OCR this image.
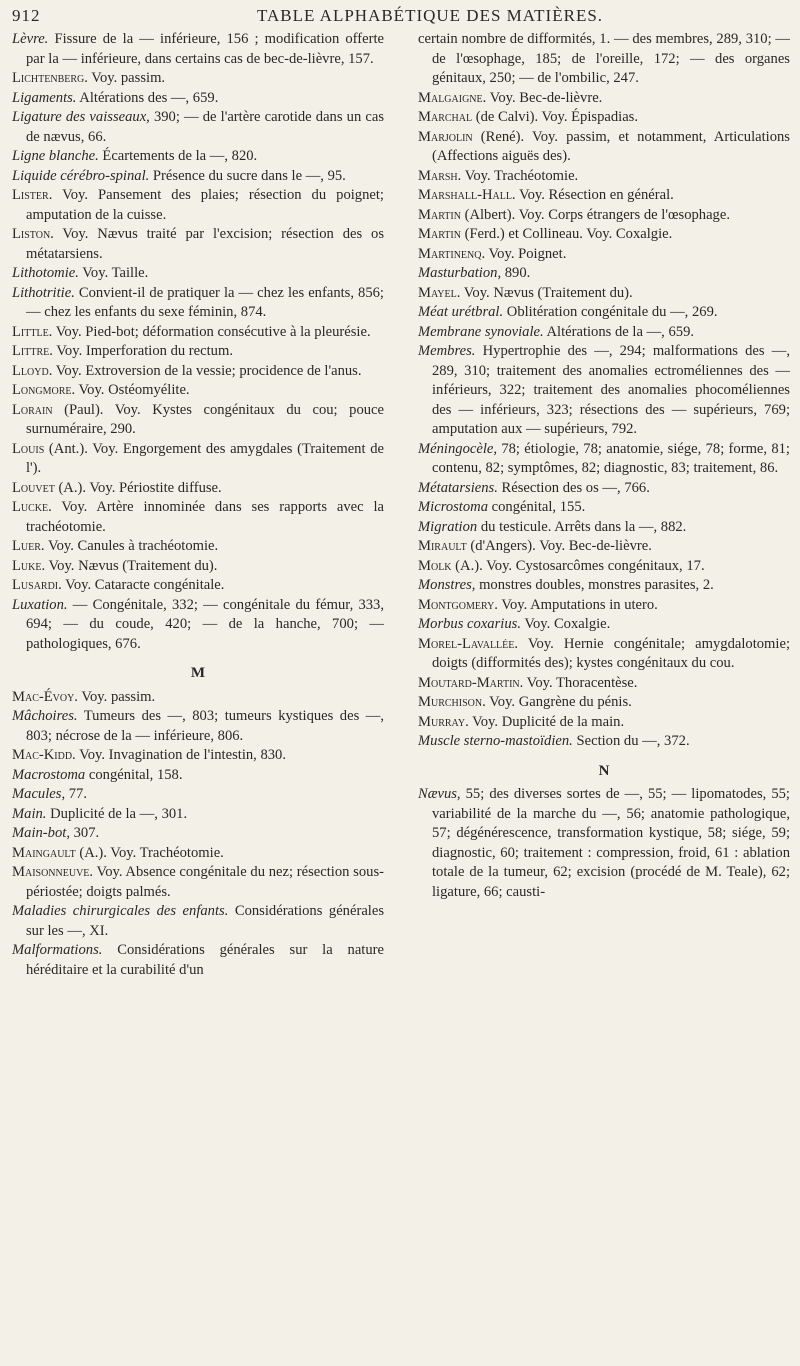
912	TABLE ALPHABÉTIQUE DES MATIÈRES.

Lèvre. Fissure de la — inférieure, 156 ; modification offerte par la — inférieure, dans certains cas de bec-de-lièvre, 157.

Lichtenberg. Voy. passim.

Ligaments. Altérations des —, 659.

Ligature des vaisseaux, 390; — de l'artère carotide dans un cas de nævus, 66.

Ligne blanche. Écartements de la —, 820.

Liquide cérébro-spinal. Présence du sucre dans le —, 95.

Lister. Voy. Pansement des plaies; résection du poignet; amputation de la cuisse.

Liston. Voy. Nævus traité par l'excision; résection des os métatarsiens.

Lithotomie. Voy. Taille.

Lithotritie. Convient-il de pratiquer la — chez les enfants, 856; — chez les enfants du sexe féminin, 874.

Little. Voy. Pied-bot; déformation consécutive à la pleurésie.

Littre. Voy. Imperforation du rectum.

Lloyd. Voy. Extroversion de la vessie; procidence de l'anus.

Longmore. Voy. Ostéomyélite.

Lorain (Paul). Voy. Kystes congénitaux du cou; pouce surnuméraire, 290.

Louis (Ant.). Voy. Engorgement des amygdales (Traitement de l').

Louvet (A.). Voy. Périostite diffuse.

Lucke. Voy. Artère innominée dans ses rapports avec la trachéotomie.

Luer. Voy. Canules à trachéotomie.

Luke. Voy. Nævus (Traitement du).

Lusardi. Voy. Cataracte congénitale.

Luxation. — Congénitale, 332; — congénitale du fémur, 333, 694; — du coude, 420; — de la hanche, 700; — pathologiques, 676.

M

Mac-Évoy. Voy. passim.

Mâchoires. Tumeurs des —, 803; tumeurs kystiques des —, 803; nécrose de la — inférieure, 806.

Mac-Kidd. Voy. Invagination de l'intestin, 830.

Macrostoma congénital, 158.

Macules, 77.

Main. Duplicité de la —, 301.

Main-bot, 307.

Maingault (A.). Voy. Trachéotomie.

Maisonneuve. Voy. Absence congénitale du nez; résection sous-périostée; doigts palmés.

Maladies chirurgicales des enfants. Considérations générales sur les —, XI.

Malformations. Considérations générales sur la nature héréditaire et la curabilité d'un

certain nombre de difformités, 1. — des membres, 289, 310; — de l'œsophage, 185; de l'oreille, 172; — des organes génitaux, 250; — de l'ombilic, 247.

Malgaigne. Voy. Bec-de-lièvre.

Marchal (de Calvi). Voy. Épispadias.

Marjolin (René). Voy. passim, et notamment, Articulations (Affections aiguës des).

Marsh. Voy. Trachéotomie.

Marshall-Hall. Voy. Résection en général.

Martin (Albert). Voy. Corps étrangers de l'œsophage.

Martin (Ferd.) et Collineau. Voy. Coxalgie.

Martinenq. Voy. Poignet.

Masturbation, 890.

Mayel. Voy. Nævus (Traitement du).

Méat urétbral. Oblitération congénitale du —, 269.

Membrane synoviale. Altérations de la —, 659.

Membres. Hypertrophie des —, 294; malformations des —, 289, 310; traitement des anomalies ectroméliennes des — inférieurs, 322; traitement des anomalies phocoméliennes des — inférieurs, 323; résections des — supérieurs, 769; amputation aux — supérieurs, 792.

Méningocèle, 78; étiologie, 78; anatomie, siége, 78; forme, 81; contenu, 82; symptômes, 82; diagnostic, 83; traitement, 86.

Métatarsiens. Résection des os —, 766.

Microstoma congénital, 155.

Migration du testicule. Arrêts dans la —, 882.

Mirault (d'Angers). Voy. Bec-de-lièvre.

Molk (A.). Voy. Cystosarcômes congénitaux, 17.

Monstres, monstres doubles, monstres parasites, 2.

Montgomery. Voy. Amputations in utero.

Morbus coxarius. Voy. Coxalgie.

Morel-Lavallée. Voy. Hernie congénitale; amygdalotomie; doigts (difformités des); kystes congénitaux du cou.

Moutard-Martin. Voy. Thoracentèse.

Murchison. Voy. Gangrène du pénis.

Murray. Voy. Duplicité de la main.

Muscle sterno-mastoïdien. Section du —, 372.

N

Nævus, 55; des diverses sortes de —, 55; — lipomatodes, 55; variabilité de la marche du —, 56; anatomie pathologique, 57; dégénérescence, transformation kystique, 58; siége, 59; diagnostic, 60; traitement : compression, froid, 61 : ablation totale de la tumeur, 62; excision (procédé de M. Teale), 62; ligature, 66; causti-
